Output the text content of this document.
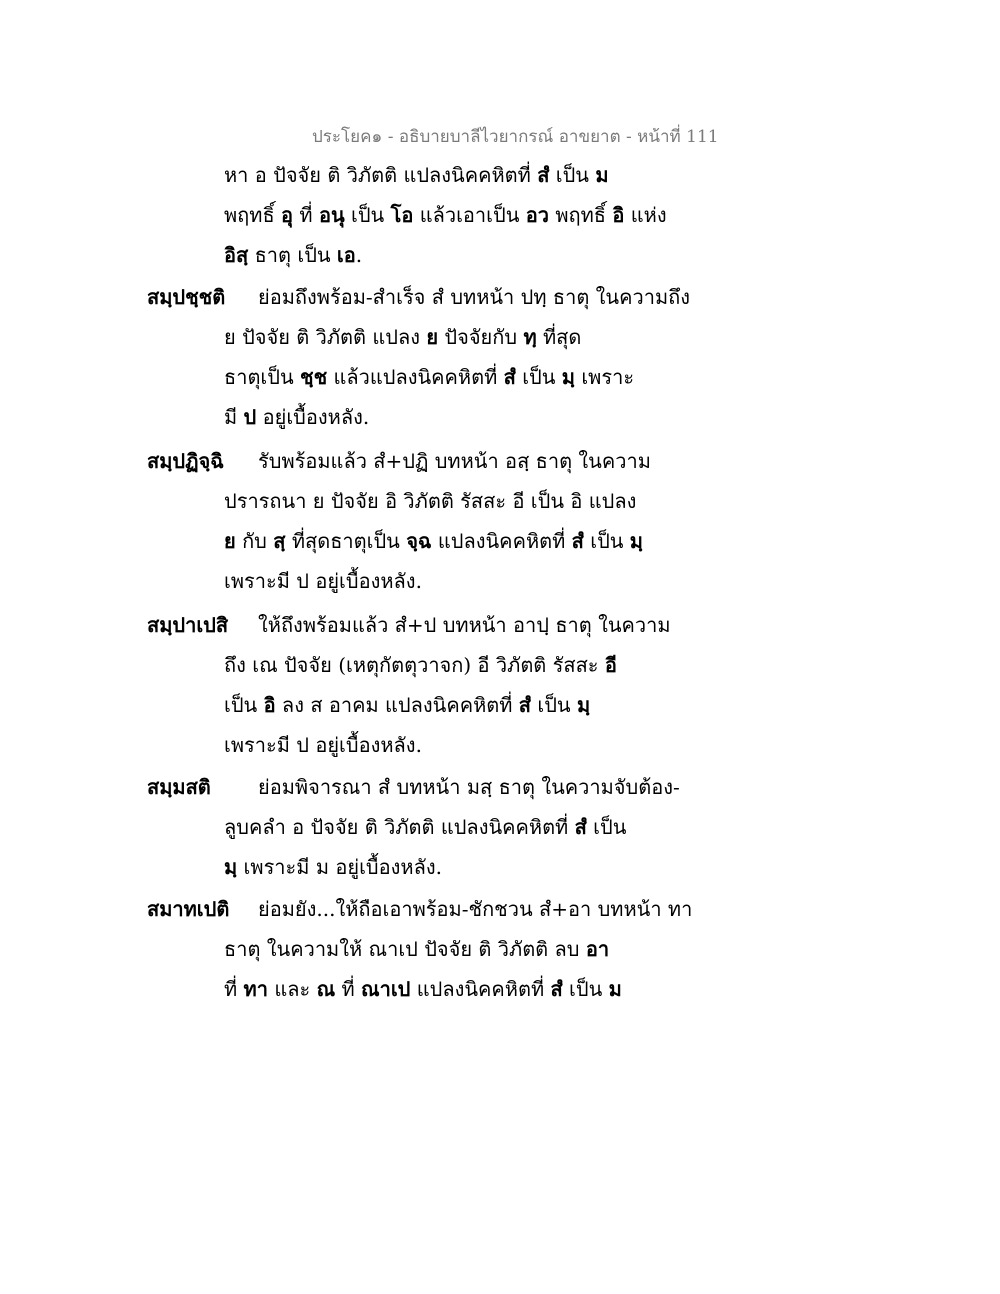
ประโยค๑ - อธิบายบาลีไวยากรณ์ อาขยาต - หน้าที่ 111
หา อ ปัจจัย ติ วิภัตติ แปลงนิคคหิตที่ สํ เป็น ม
พฤทธิ์ อุ ที่ อนุ เป็น โอ แล้วเอาเป็น อว พฤทธิ์ อิ แห่ง
อิสฺ ธาตุ เป็น เอ.
สมฺปชฺชติ ย่อมถึงพร้อม-สำเร็จ สํ บทหน้า ปทฺ ธาตุ ในความถึง
ย ปัจจัย ติ วิภัตติ แปลง ย ปัจจัยกับ ทฺ ที่สุด
ธาตุเป็น ชฺช แล้วแปลงนิคคหิตที่ สํ เป็น มฺ เพราะ
มี ป อยู่เบื้องหลัง.
สมฺปฏิจฺฉิ รับพร้อมแล้ว สํ+ปฏิ บทหน้า อสฺ ธาตุ ในความ
ปรารถนา ย ปัจจัย อิ วิภัตติ รัสสะ อี เป็น อิ แปลง
ย กับ สฺ ที่สุดธาตุเป็น จฺฉ แปลงนิคคหิตที่ สํ เป็น มฺ
เพราะมี ป อยู่เบื้องหลัง.
สมฺปาเปสิ ให้ถึงพร้อมแล้ว สํ+ป บทหน้า อาปฺ ธาตุ ในความ
ถึง เณ ปัจจัย (เหตุกัตตุวาจก) อี วิภัตติ รัสสะ อี
เป็น อิ ลง ส อาคม แปลงนิคคหิตที่ สํ เป็น มฺ
เพราะมี ป อยู่เบื้องหลัง.
สมฺมสติ ย่อมพิจารณา สํ บทหน้า มสฺ ธาตุ ในความจับต้อง-
ลูบคลำ อ ปัจจัย ติ วิภัตติ แปลงนิคคหิตที่ สํ เป็น
มฺ เพราะมี ม อยู่เบื้องหลัง.
สมาทเปติ ย่อมยัง...ให้ถือเอาพร้อม-ชักชวน สํ+อา บทหน้า ทา
ธาตุ ในความให้ ณาเป ปัจจัย ติ วิภัตติ ลบ อา
ที่ ทา และ ณ ที่ ณาเป แปลงนิคคหิตที่ สํ เป็น ม
